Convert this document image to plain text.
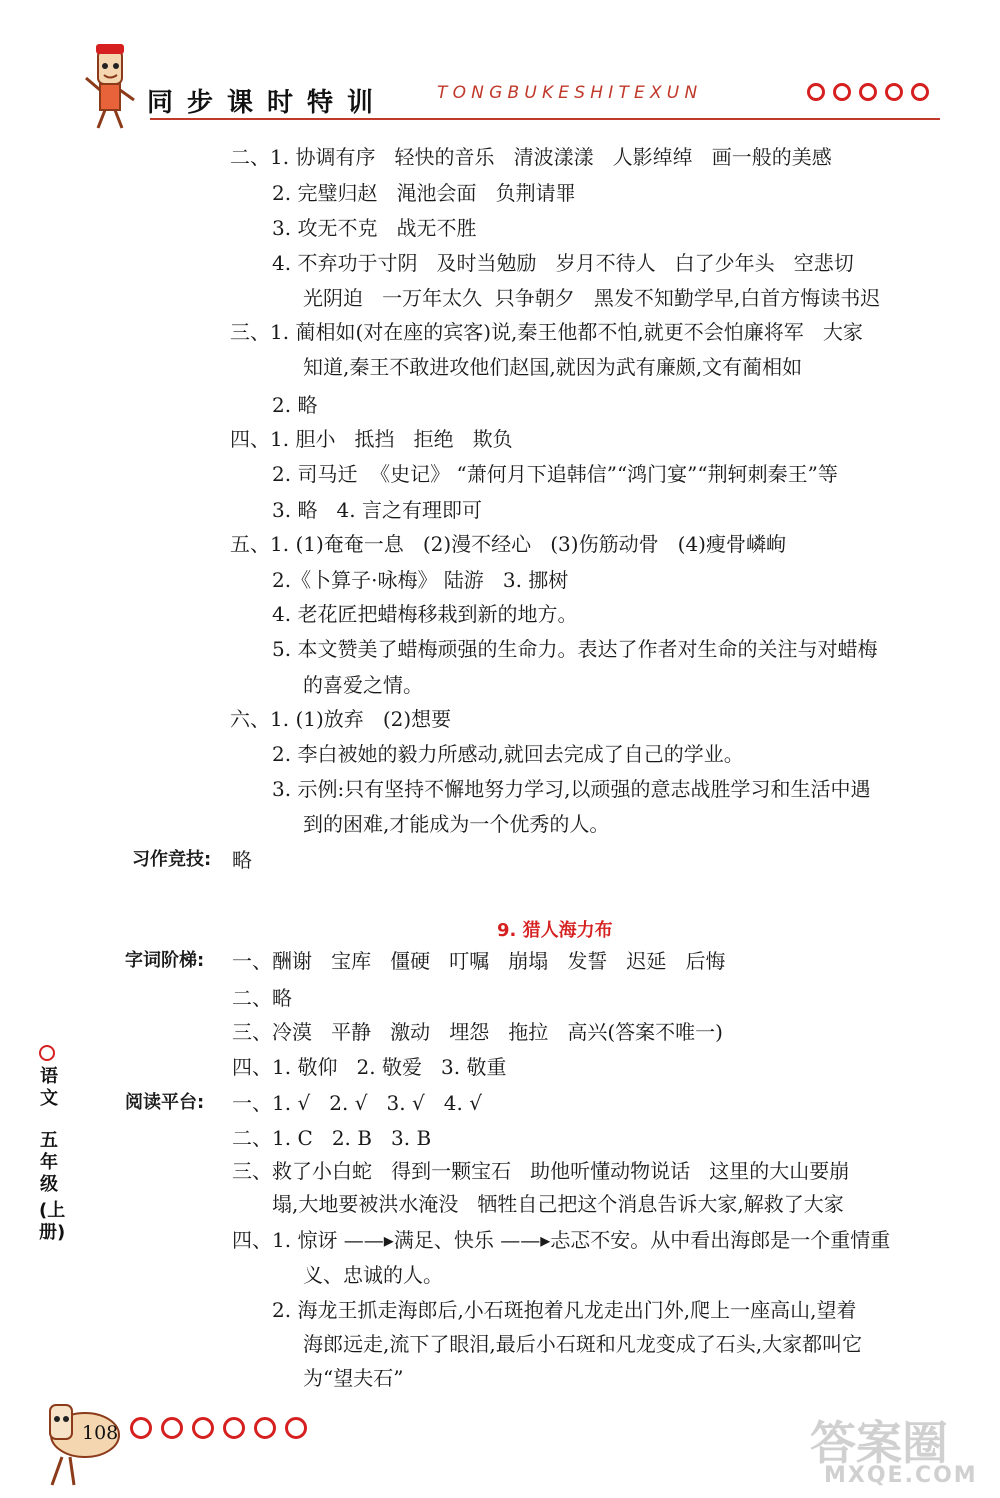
同步课时特训	TONGBUKESHITEXUN
二、1. 协调有序   轻快的音乐   清波漾漾   人影绰绰   画一般的美感
2. 完璧归赵   渑池会面   负荆请罪
3. 攻无不克   战无不胜
4. 不弃功于寸阴   及时当勉励   岁月不待人   白了少年头   空悲切
光阴迫   一万年太久  只争朝夕   黑发不知勤学早,白首方悔读书迟
三、1. 蔺相如(对在座的宾客)说,秦王他都不怕,就更不会怕廉将军   大家
知道,秦王不敢进攻他们赵国,就因为武有廉颇,文有蔺相如
2. 略
四、1. 胆小   抵挡   拒绝   欺负
2. 司马迁  《史记》 “萧何月下追韩信”“鸿门宴”“荆轲刺秦王”等
3. 略   4. 言之有理即可
五、1. (1)奄奄一息   (2)漫不经心   (3)伤筋动骨   (4)瘦骨嶙峋
2.《卜算子·咏梅》 陆游   3. 挪树
4. 老花匠把蜡梅移栽到新的地方。
5. 本文赞美了蜡梅顽强的生命力。表达了作者对生命的关注与对蜡梅
的喜爱之情。
六、1. (1)放弃   (2)想要
2. 李白被她的毅力所感动,就回去完成了自己的学业。
3. 示例:只有坚持不懈地努力学习,以顽强的意志战胜学习和生活中遇
到的困难,才能成为一个优秀的人。
习作竞技: 略
9. 猎人海力布
字词阶梯: 一、酬谢   宝库   僵硬   叮嘱   崩塌   发誓   迟延   后悔
二、略
三、冷漠   平静   激动   埋怨   拖拉   高兴(答案不唯一)
四、1. 敬仰   2. 敬爱   3. 敬重
阅读平台: 一、1. √   2. √   3. √   4. √
二、1. C   2. B   3. B
三、救了小白蛇   得到一颗宝石   助他听懂动物说话   这里的大山要崩
塌,大地要被洪水淹没   牺牲自己把这个消息告诉大家,解救了大家
四、1. 惊讶 ——▸满足、快乐 ——▸忐忑不安。从中看出海郎是一个重情重
义、忠诚的人。
2. 海龙王抓走海郎后,小石斑抱着凡龙走出门外,爬上一座高山,望着
海郎远走,流下了眼泪,最后小石斑和凡龙变成了石头,大家都叫它
为“望夫石”
语文
五年级
(上册)
108	答案圈
MXQE.COM
